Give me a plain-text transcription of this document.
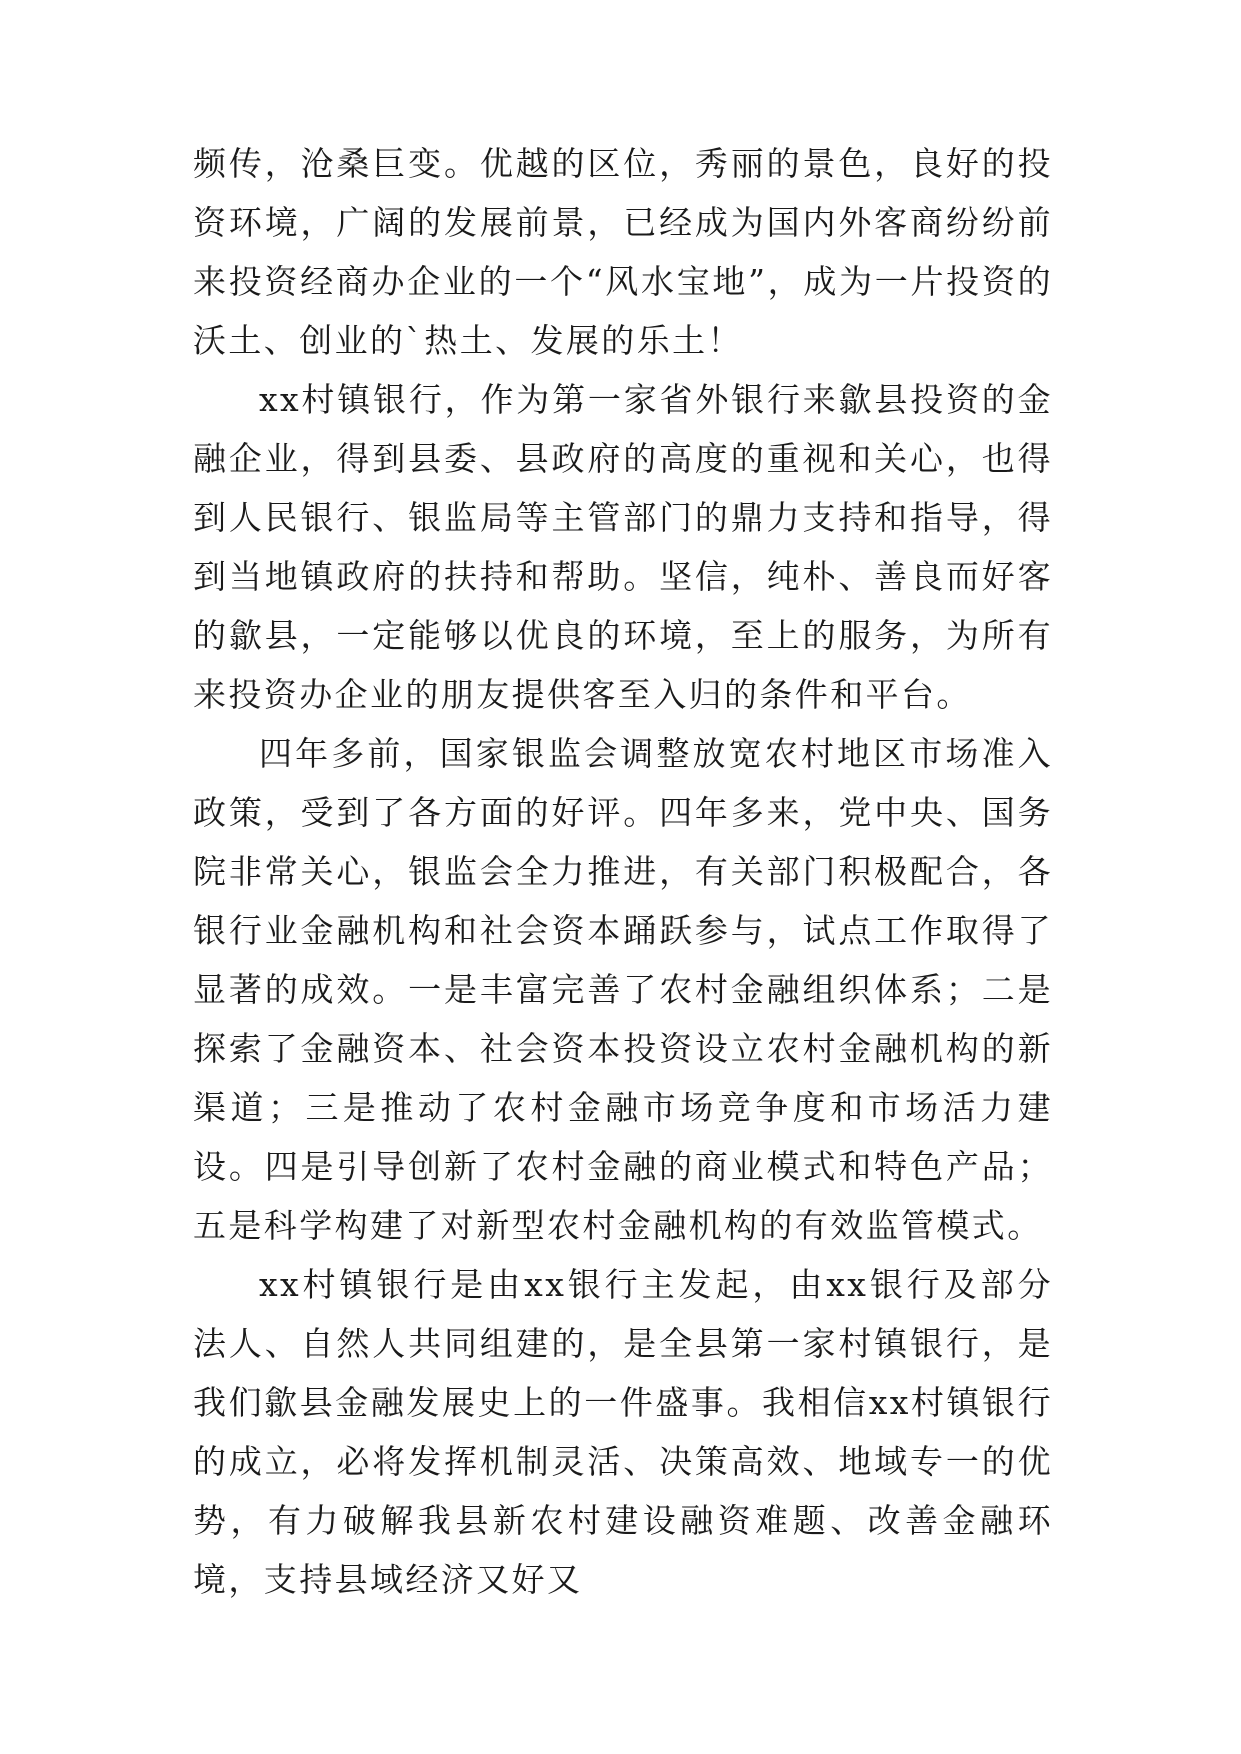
频传，沧桑巨变。优越的区位，秀丽的景色，良好的投资环境，广阔的发展前景，已经成为国内外客商纷纷前来投资经商办企业的一个“风水宝地”，成为一片投资的沃土、创业的`热土、发展的乐土！

xx村镇银行，作为第一家省外银行来歙县投资的金融企业，得到县委、县政府的高度的重视和关心，也得到人民银行、银监局等主管部门的鼎力支持和指导，得到当地镇政府的扶持和帮助。坚信，纯朴、善良而好客的歙县，一定能够以优良的环境，至上的服务，为所有来投资办企业的朋友提供客至入归的条件和平台。

四年多前，国家银监会调整放宽农村地区市场准入政策，受到了各方面的好评。四年多来，党中央、国务院非常关心，银监会全力推进，有关部门积极配合，各银行业金融机构和社会资本踊跃参与，试点工作取得了显著的成效。一是丰富完善了农村金融组织体系；二是探索了金融资本、社会资本投资设立农村金融机构的新渠道；三是推动了农村金融市场竞争度和市场活力建设。四是引导创新了农村金融的商业模式和特色产品；五是科学构建了对新型农村金融机构的有效监管模式。

xx村镇银行是由xx银行主发起，由xx银行及部分法人、自然人共同组建的，是全县第一家村镇银行，是我们歙县金融发展史上的一件盛事。我相信xx村镇银行的成立，必将发挥机制灵活、决策高效、地域专一的优势，有力破解我县新农村建设融资难题、改善金融环境，支持县域经济又好又
